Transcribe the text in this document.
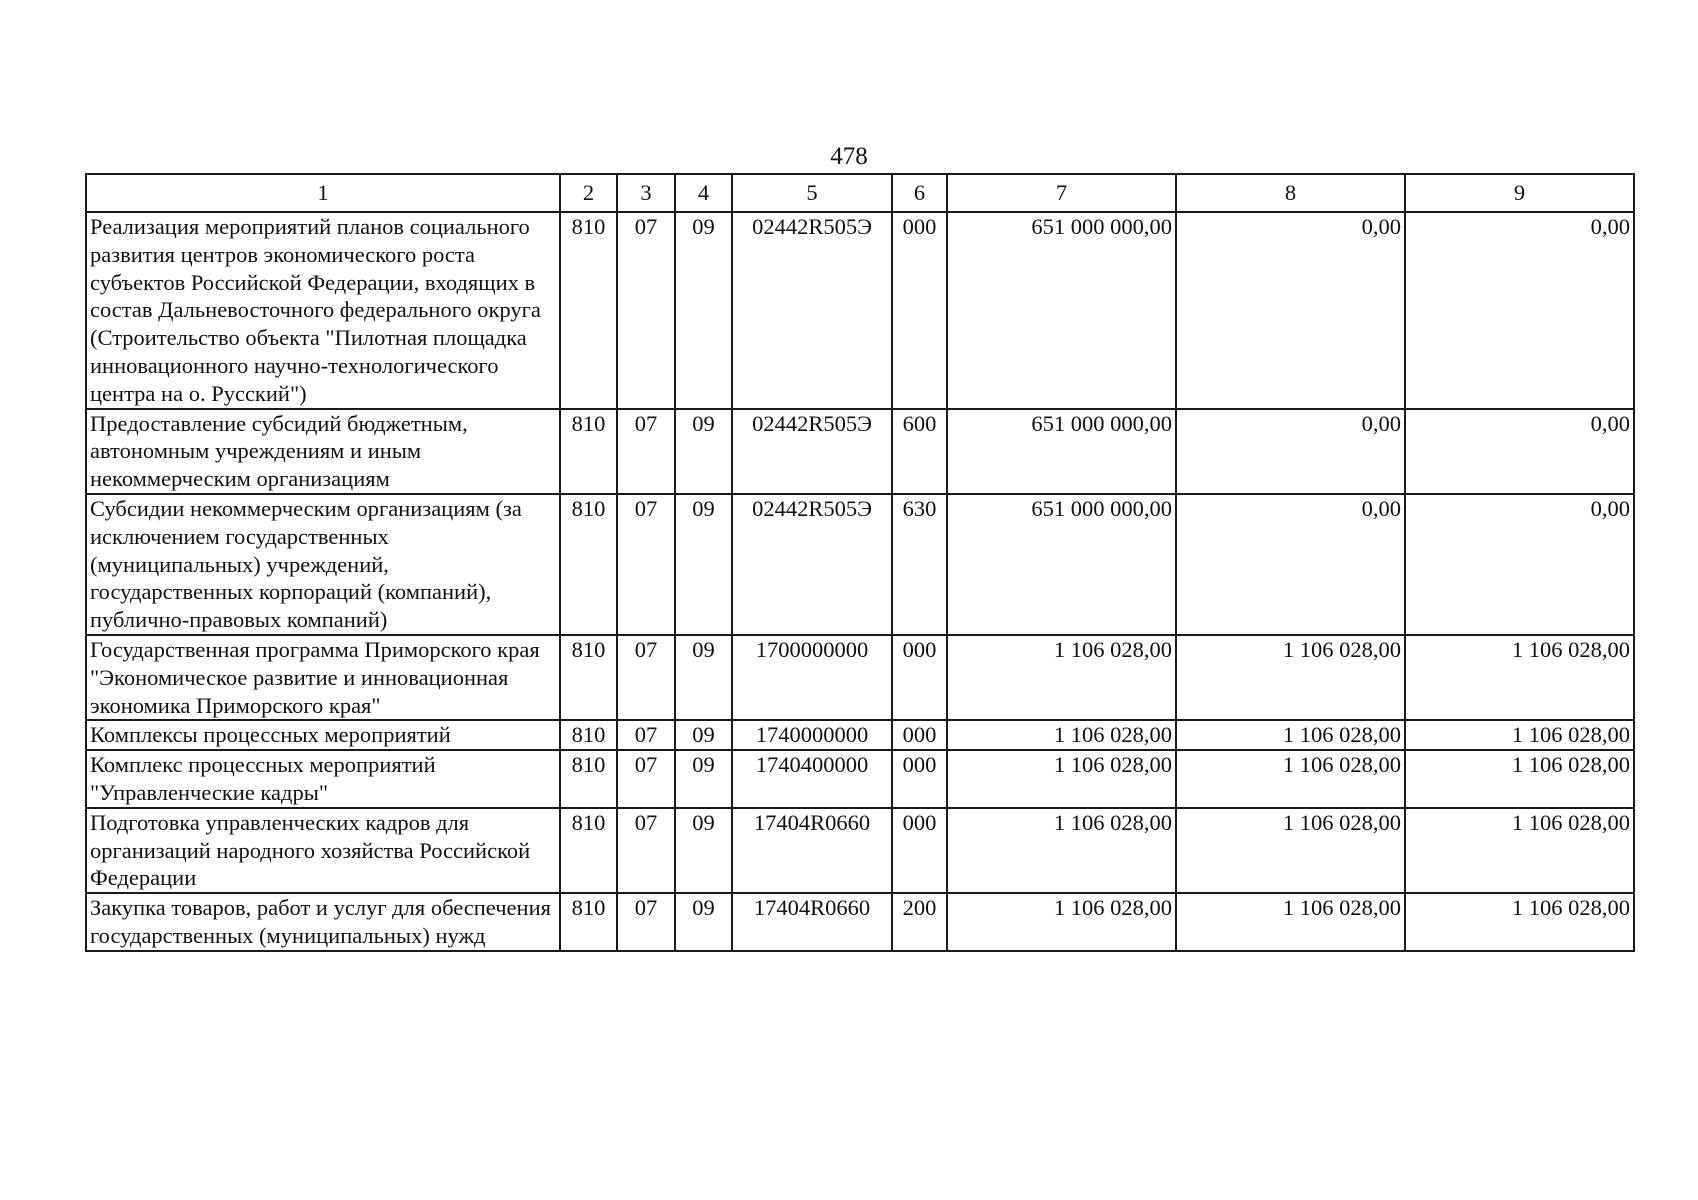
478
1	2	3	4	5	6	7	8	9
Реализация мероприятий планов социального развития центров экономического роста субъектов Российской Федерации, входящих в состав Дальневосточного федерального округа (Строительство объекта "Пилотная площадка инновационного научно-технологического центра на о. Русский")	810	07	09	02442R505Э	000	651 000 000,00	0,00	0,00
Предоставление субсидий бюджетным, автономным учреждениям и иным некоммерческим организациям	810	07	09	02442R505Э	600	651 000 000,00	0,00	0,00
Субсидии некоммерческим организациям (за исключением государственных (муниципальных) учреждений, государственных корпораций (компаний), публично-правовых компаний)	810	07	09	02442R505Э	630	651 000 000,00	0,00	0,00
Государственная программа Приморского края "Экономическое развитие и инновационная экономика Приморского края"	810	07	09	1700000000	000	1 106 028,00	1 106 028,00	1 106 028,00
Комплексы процессных мероприятий	810	07	09	1740000000	000	1 106 028,00	1 106 028,00	1 106 028,00
Комплекс процессных мероприятий "Управленческие кадры"	810	07	09	1740400000	000	1 106 028,00	1 106 028,00	1 106 028,00
Подготовка управленческих кадров для организаций народного хозяйства Российской Федерации	810	07	09	17404R0660	000	1 106 028,00	1 106 028,00	1 106 028,00
Закупка товаров, работ и услуг для обеспечения государственных (муниципальных) нужд	810	07	09	17404R0660	200	1 106 028,00	1 106 028,00	1 106 028,00
